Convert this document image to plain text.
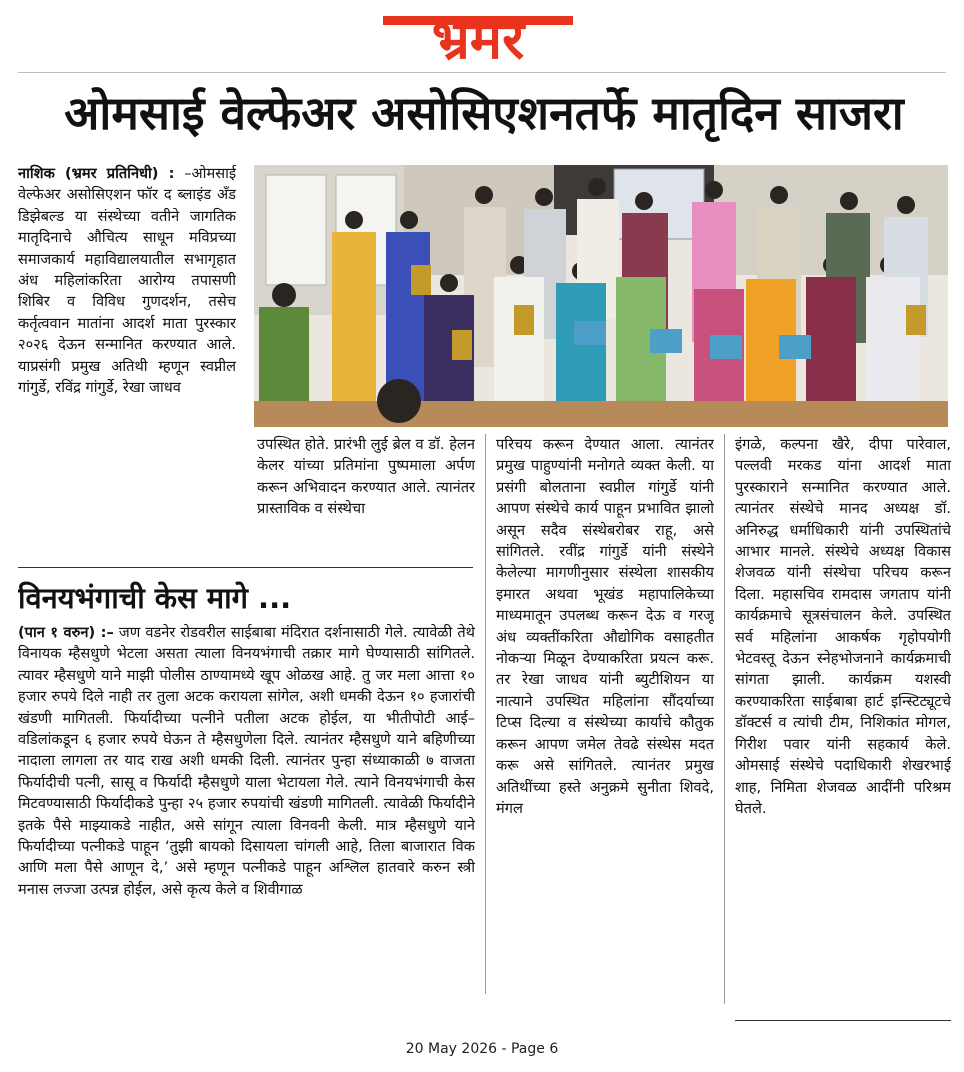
भ्रमर
ओमसाई वेल्फेअर असोसिएशनतर्फे मातृदिन साजरा

नाशिक (भ्रमर प्रतिनिधी) : –ओमसाई वेल्फेअर असोसिएशन फॉर द ब्लाइंड अँड डिझेबल्ड या संस्थेच्या वतीने जागतिक मातृदिनाचे औचित्य साधून मविप्रच्या समाजकार्य महाविद्यालयातील सभागृहात अंध महिलांकरिता आरोग्य तपासणी शिबिर व विविध गुणदर्शन, तसेच कर्तृत्ववान मातांना आदर्श माता पुरस्कार २०२६ देऊन सन्मानित करण्यात आले. याप्रसंगी प्रमुख अतिथी म्हणून स्वप्नील गांगुर्डे, रविंद्र गांगुर्डे, रेखा जाधव

उपस्थित होते. प्रारंभी लुई ब्रेल व डॉ. हेलन केलर यांच्या प्रतिमांना पुष्पमाला अर्पण करून अभिवादन करण्यात आले. त्यानंतर प्रास्ताविक व संस्थेचा

परिचय करून देण्यात आला. त्यानंतर प्रमुख पाहुण्यांनी मनोगते व्यक्त केली. या प्रसंगी बोलताना स्वप्नील गांगुर्डे यांनी आपण संस्थेचे कार्य पाहून प्रभावित झालो असून सदैव संस्थेबरोबर राहू, असे सांगितले. रवींद्र गांगुर्डे यांनी संस्थेने केलेल्या मागणीनुसार संस्थेला शासकीय इमारत अथवा भूखंड महापालिकेच्या माध्यमातून उपलब्ध करून देऊ व गरजू अंध व्यक्तींकरिता औद्योगिक वसाहतीत नोकऱ्या मिळून देण्याकरिता प्रयत्न करू. तर रेखा जाधव यांनी ब्युटीशियन या नात्याने उपस्थित महिलांना सौंदर्याच्या टिप्स दिल्या व संस्थेच्या कार्याचे कौतुक करून आपण जमेल तेवढे संस्थेस मदत करू असे सांगितले. त्यानंतर प्रमुख अतिथींच्या हस्ते अनुक्रमे सुनीता शिवदे, मंगल

इंगळे, कल्पना खैरे, दीपा पारेवाल, पल्लवी मरकड यांना आदर्श माता पुरस्काराने सन्मानित करण्यात आले. त्यानंतर संस्थेचे मानद अध्यक्ष डॉ. अनिरुद्ध धर्माधिकारी यांनी उपस्थितांचे आभार मानले. संस्थेचे अध्यक्ष विकास शेजवळ यांनी संस्थेचा परिचय करून दिला. महासचिव रामदास जगताप यांनी कार्यक्रमाचे सूत्रसंचालन केले. उपस्थित सर्व महिलांना आकर्षक गृहोपयोगी भेटवस्तू देऊन स्नेहभोजनाने कार्यक्रमाची सांगता झाली. कार्यक्रम यशस्वी करण्याकरिता साईबाबा हार्ट इन्स्टिट्यूटचे डॉक्टर्स व त्यांची टीम, निशिकांत मोगल, गिरीश पवार यांनी सहकार्य केले. ओमसाई संस्थेचे पदाधिकारी शेखरभाई शाह, निमिता शेजवळ आदींनी परिश्रम घेतले.

विनयभंगाची केस मागे ...

(पान १ वरुन) :– जण वडनेर रोडवरील साईबाबा मंदिरात दर्शनासाठी गेले. त्यावेळी तेथे विनायक म्हैसधुणे भेटला असता त्याला विनयभंगाची तक्रार मागे घेण्यासाठी सांगितले. त्यावर म्हैसधुणे याने माझी पोलीस ठाण्यामध्ये खूप ओळख आहे. तु जर मला आत्ता १० हजार रुपये दिले नाही तर तुला अटक करायला सांगेल, अशी धमकी देऊन १० हजारांची खंडणी मागितली. फिर्यादीच्या पत्नीने पतीला अटक होईल, या भीतीपोटी आई–वडिलांकडून ६ हजार रुपये घेऊन ते म्हैसधुणेला दिले. त्यानंतर म्हैसधुणे याने बहिणीच्या नादाला लागला तर याद राख अशी धमकी दिली. त्यानंतर पुन्हा संध्याकाळी ७ वाजता फिर्यादीची पत्नी, सासू व फिर्यादी म्हैसधुणे याला भेटायला गेले. त्याने विनयभंगाची केस मिटवण्यासाठी फिर्यादीकडे पुन्हा २५ हजार रुपयांची खंडणी मागितली. त्यावेळी फिर्यादीने इतके पैसे माझ्याकडे नाहीत, असे सांगून त्याला विनवनी केली. मात्र म्हैसधुणे याने फिर्यादीच्या पत्नीकडे पाहून ‘तुझी बायको दिसायला चांगली आहे, तिला बाजारात विक आणि मला पैसे आणून दे,’ असे म्हणून पत्नीकडे पाहून अश्लिल हातवारे करुन स्त्री मनास लज्जा उत्पन्न होईल, असे कृत्य केले व शिवीगाळ

20 May 2026 - Page 6
